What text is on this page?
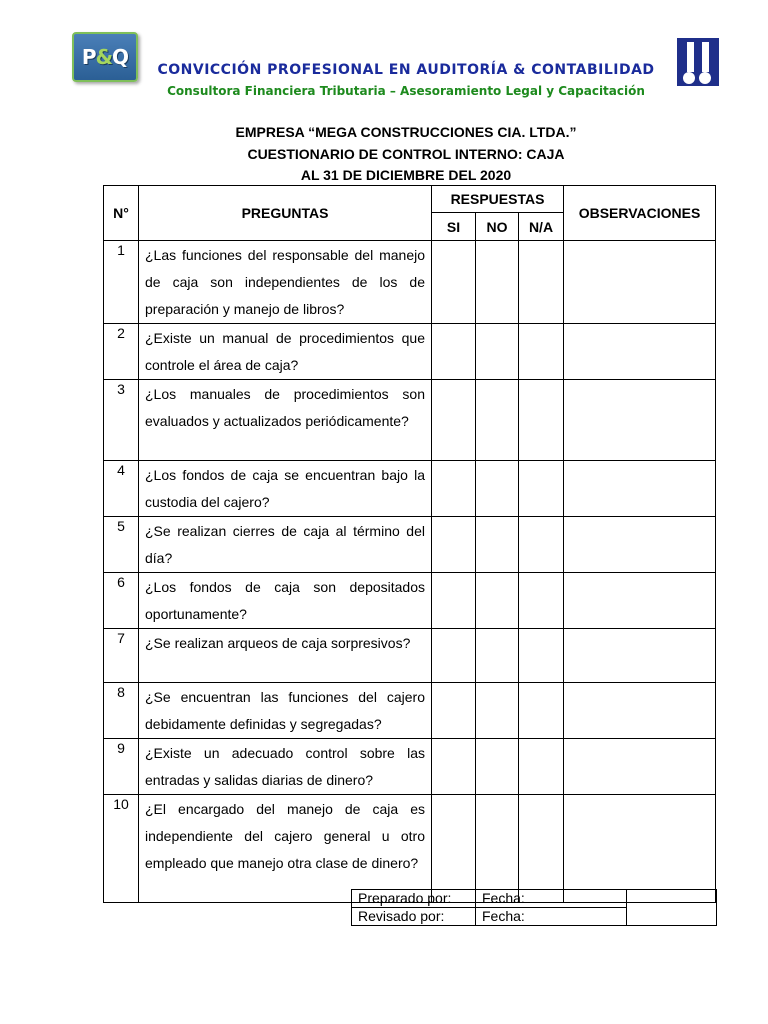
P&Q
CONVICCIÓN PROFESIONAL EN AUDITORÍA & CONTABILIDAD
Consultora Financiera Tributaria – Asesoramiento Legal y Capacitación
EMPRESA “MEGA CONSTRUCCIONES CIA. LTDA.”
CUESTIONARIO DE CONTROL INTERNO: CAJA
AL 31 DE DICIEMBRE DEL 2020
N°	PREGUNTAS	RESPUESTAS			OBSERVACIONES
		SI	NO	N/A	
1	¿Las funciones del responsable del manejo de caja son independientes de los de preparación y manejo de libros?				
2	¿Existe un manual de procedimientos que controle el área de caja?				
3	¿Los manuales de procedimientos son evaluados y actualizados periódicamente?				
4	¿Los fondos de caja se encuentran bajo la custodia del cajero?				
5	¿Se realizan cierres de caja al término del día?				
6	¿Los fondos de caja son depositados oportunamente?				
7	¿Se realizan arqueos de caja sorpresivos?				
8	¿Se encuentran las funciones del cajero debidamente definidas y segregadas?				
9	¿Existe un adecuado control sobre las entradas y salidas diarias de dinero?				
10	¿El encargado del manejo de caja es independiente del cajero general u otro empleado que manejo otra clase de dinero?				
Preparado por:	Fecha:	
Revisado por:	Fecha:	
